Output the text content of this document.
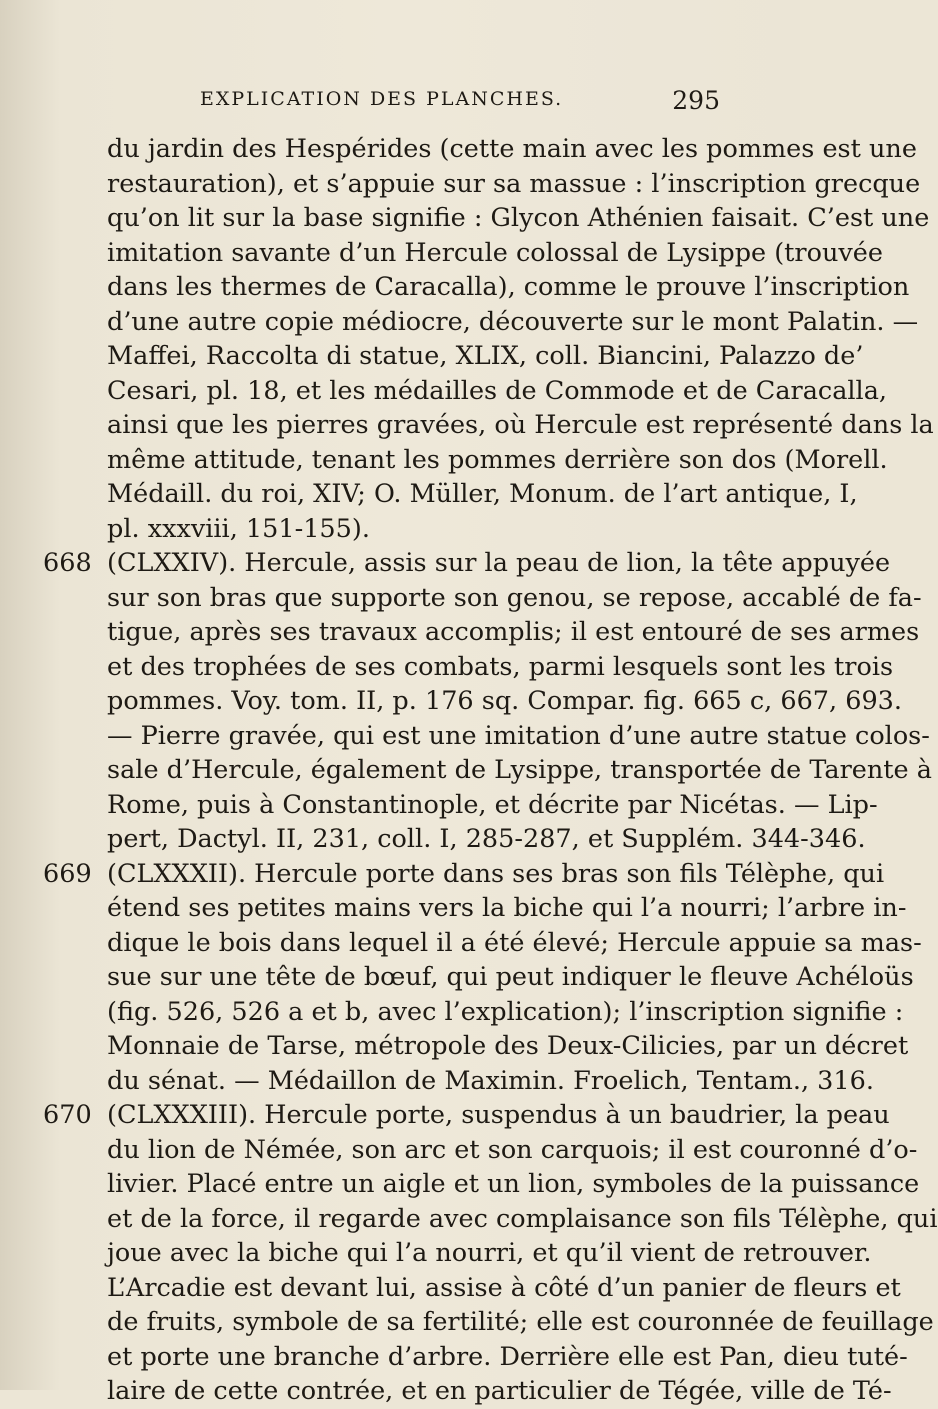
EXPLICATION DES PLANCHES.	295
du jardin des Hespérides (cette main avec les pommes est une
restauration), et s’appuie sur sa massue : l’inscription grecque
qu’on lit sur la base signifie : Glycon Athénien faisait. C’est une
imitation savante d’un Hercule colossal de Lysippe (trouvée
dans les thermes de Caracalla), comme le prouve l’inscription
d’une autre copie médiocre, découverte sur le mont Palatin. —
Maffei, Raccolta di statue, XLIX, coll. Biancini, Palazzo de’
Cesari, pl. 18, et les médailles de Commode et de Caracalla,
ainsi que les pierres gravées, où Hercule est représenté dans la
même attitude, tenant les pommes derrière son dos (Morell.
Médaill. du roi, XIV; O. Müller, Monum. de l’art antique, I,
pl. xxxviii, 151-155).
668 (CLXXIV). Hercule, assis sur la peau de lion, la tête appuyée
sur son bras que supporte son genou, se repose, accablé de fa-
tigue, après ses travaux accomplis; il est entouré de ses armes
et des trophées de ses combats, parmi lesquels sont les trois
pommes. Voy. tom. II, p. 176 sq. Compar. fig. 665 c, 667, 693.
— Pierre gravée, qui est une imitation d’une autre statue colos-
sale d’Hercule, également de Lysippe, transportée de Tarente à
Rome, puis à Constantinople, et décrite par Nicétas. — Lip-
pert, Dactyl. II, 231, coll. I, 285-287, et Supplém. 344-346.
669 (CLXXXII). Hercule porte dans ses bras son fils Télèphe, qui
étend ses petites mains vers la biche qui l’a nourri; l’arbre in-
dique le bois dans lequel il a été élevé; Hercule appuie sa mas-
sue sur une tête de bœuf, qui peut indiquer le fleuve Achéloüs
(fig. 526, 526 a et b, avec l’explication); l’inscription signifie :
Monnaie de Tarse, métropole des Deux-Cilicies, par un décret
du sénat. — Médaillon de Maximin. Froelich, Tentam., 316.
670 (CLXXXIII). Hercule porte, suspendus à un baudrier, la peau
du lion de Némée, son arc et son carquois; il est couronné d’o-
livier. Placé entre un aigle et un lion, symboles de la puissance
et de la force, il regarde avec complaisance son fils Télèphe, qui
joue avec la biche qui l’a nourri, et qu’il vient de retrouver.
L’Arcadie est devant lui, assise à côté d’un panier de fleurs et
de fruits, symbole de sa fertilité; elle est couronnée de feuillage
et porte une branche d’arbre. Derrière elle est Pan, dieu tuté-
laire de cette contrée, et en particulier de Tégée, ville de Té-
